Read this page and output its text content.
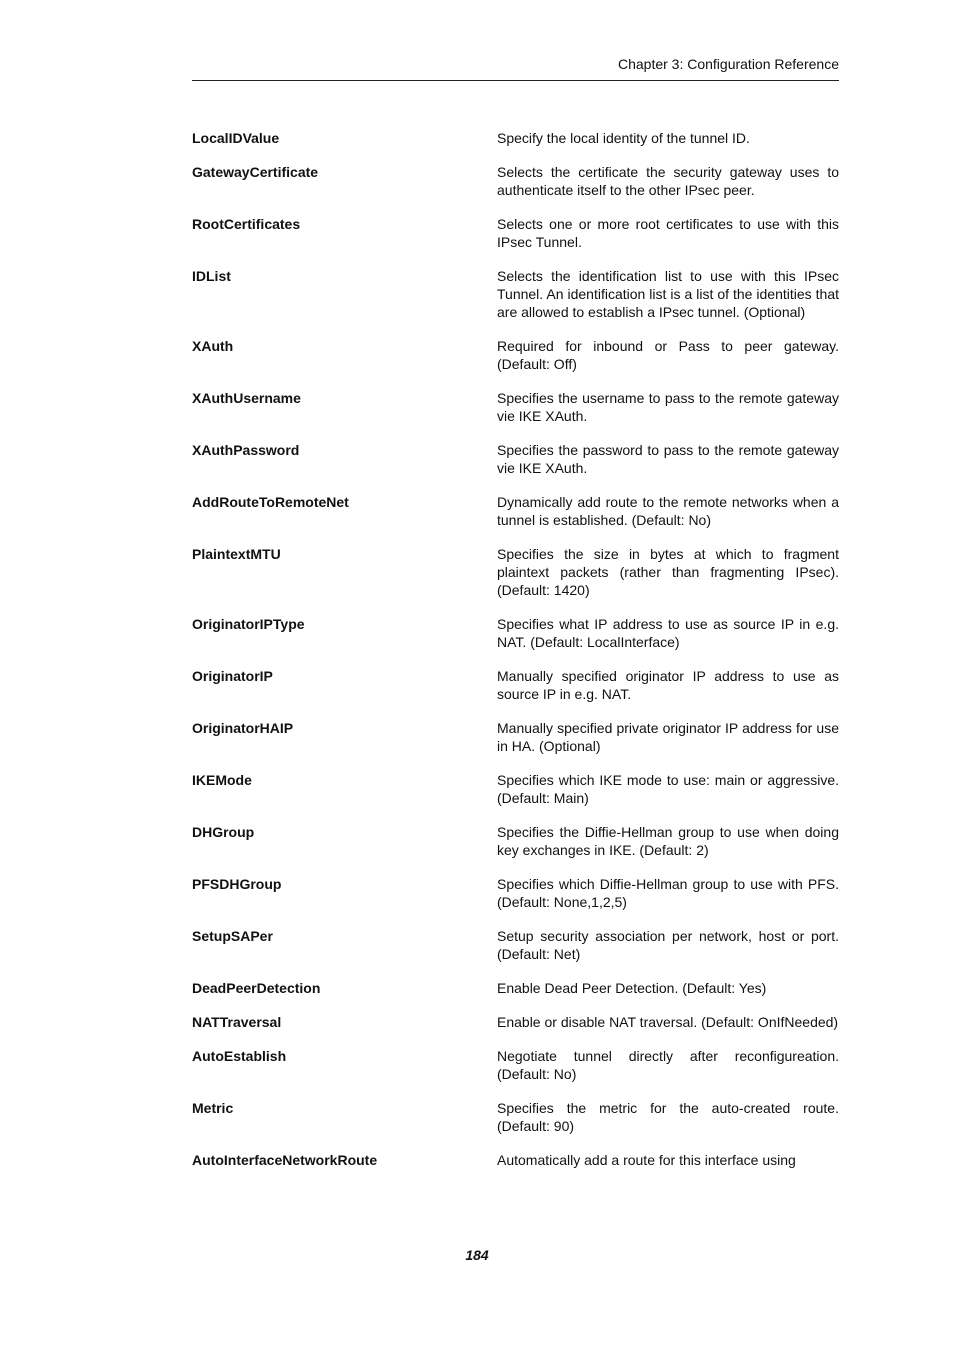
Chapter 3: Configuration Reference
LocalIDValue	Specify the local identity of the tunnel ID.
GatewayCertificate	Selects the certificate the security gateway uses to authenticate itself to the other IPsec peer.
RootCertificates	Selects one or more root certificates to use with this IPsec Tunnel.
IDList	Selects the identification list to use with this IPsec Tunnel. An identification list is a list of the identities that are allowed to establish a IPsec tunnel. (Optional)
XAuth	Required for inbound or Pass to peer gateway. (Default: Off)
XAuthUsername	Specifies the username to pass to the remote gateway vie IKE XAuth.
XAuthPassword	Specifies the password to pass to the remote gateway vie IKE XAuth.
AddRouteToRemoteNet	Dynamically add route to the remote networks when a tunnel is established. (Default: No)
PlaintextMTU	Specifies the size in bytes at which to fragment plaintext packets (rather than fragmenting IPsec). (Default: 1420)
OriginatorIPType	Specifies what IP address to use as source IP in e.g. NAT. (Default: LocalInterface)
OriginatorIP	Manually specified originator IP address to use as source IP in e.g. NAT.
OriginatorHAIP	Manually specified private originator IP address for use in HA. (Optional)
IKEMode	Specifies which IKE mode to use: main or aggressive. (Default: Main)
DHGroup	Specifies the Diffie-Hellman group to use when doing key exchanges in IKE. (Default: 2)
PFSDHGroup	Specifies which Diffie-Hellman group to use with PFS. (Default: None,1,2,5)
SetupSAPer	Setup security association per network, host or port. (Default: Net)
DeadPeerDetection	Enable Dead Peer Detection. (Default: Yes)
NATTraversal	Enable or disable NAT traversal. (Default: OnIfNeeded)
AutoEstablish	Negotiate tunnel directly after reconfigureation. (Default: No)
Metric	Specifies the metric for the auto-created route. (Default: 90)
AutoInterfaceNetworkRoute	Automatically add a route for this interface using
184
